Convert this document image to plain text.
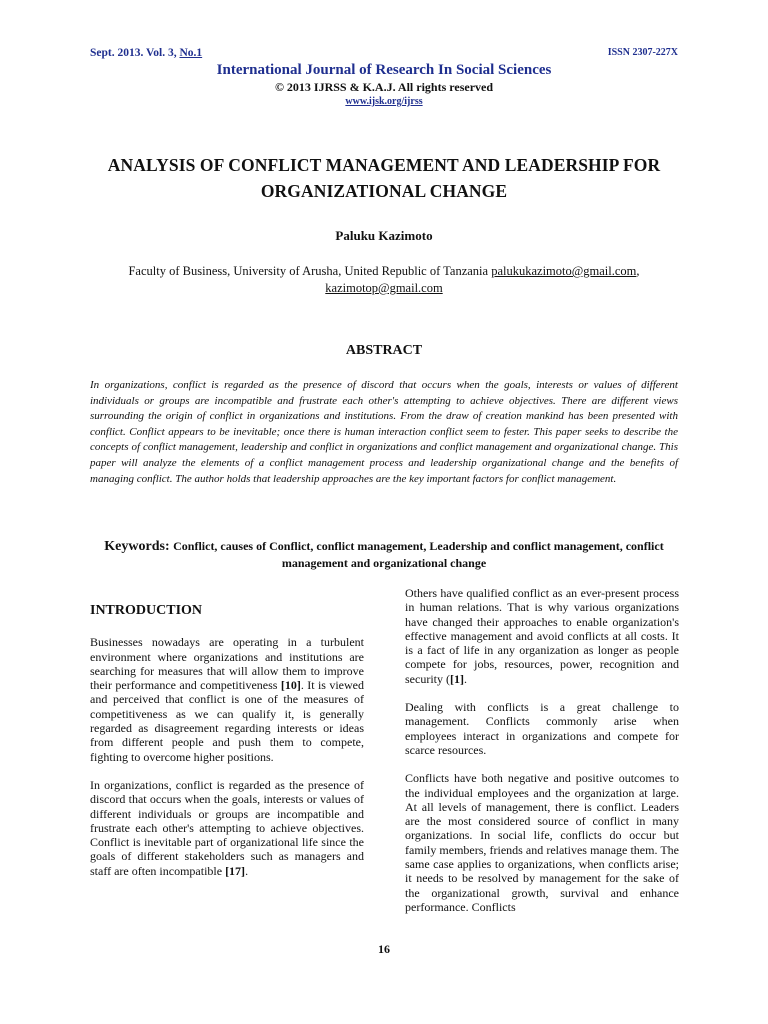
Sept. 2013. Vol. 3, No.1	ISSN 2307-227X
International Journal of Research In Social Sciences
© 2013 IJRSS & K.A.J. All rights reserved
www.ijsk.org/ijrss
ANALYSIS OF CONFLICT MANAGEMENT AND LEADERSHIP FOR
ORGANIZATIONAL CHANGE
Paluku Kazimoto
Faculty of Business, University of Arusha, United Republic of Tanzania palukukazimoto@gmail.com,
kazimotop@gmail.com
ABSTRACT
In organizations, conflict is regarded as the presence of discord that occurs when the goals, interests or values of different individuals or groups are incompatible and frustrate each other's attempting to achieve objectives. There are different views surrounding the origin of conflict in organizations and institutions. From the draw of creation mankind has been presented with conflict. Conflict appears to be inevitable; once there is human interaction conflict seem to fester. This paper seeks to describe the concepts of conflict management, leadership and conflict in organizations and conflict management and organizational change. This paper will analyze the elements of a conflict management process and leadership organizational change and the benefits of managing conflict. The author holds that leadership approaches are the key important factors for conflict management.
Keywords: Conflict, causes of Conflict, conflict management, Leadership and conflict management, conflict management and organizational change
INTRODUCTION

Businesses nowadays are operating in a turbulent environment where organizations and institutions are searching for measures that will allow them to improve their performance and competitiveness [10]. It is viewed and perceived that conflict is one of the measures of competitiveness as we can qualify it, is generally regarded as disagreement regarding interests or ideas from different people and push them to compete, fighting to overcome higher positions.

In organizations, conflict is regarded as the presence of discord that occurs when the goals, interests or values of different individuals or groups are incompatible and frustrate each other's attempting to achieve objectives. Conflict is inevitable part of organizational life since the goals of different stakeholders such as managers and staff are often incompatible [17].

Others have qualified conflict as an ever-present process in human relations. That is why various organizations have changed their approaches to enable organization's effective management and avoid conflicts at all costs. It is a fact of life in any organization as longer as people compete for jobs, resources, power, recognition and security ([1].

Dealing with conflicts is a great challenge to management. Conflicts commonly arise when employees interact in organizations and compete for scarce resources.

Conflicts have both negative and positive outcomes to the individual employees and the organization at large. At all levels of management, there is conflict. Leaders are the most considered source of conflict in many organizations. In social life, conflicts do occur but family members, friends and relatives manage them. The same case applies to organizations, when conflicts arise; it needs to be resolved by management for the sake of the organizational growth, survival and enhance performance. Conflicts

16
